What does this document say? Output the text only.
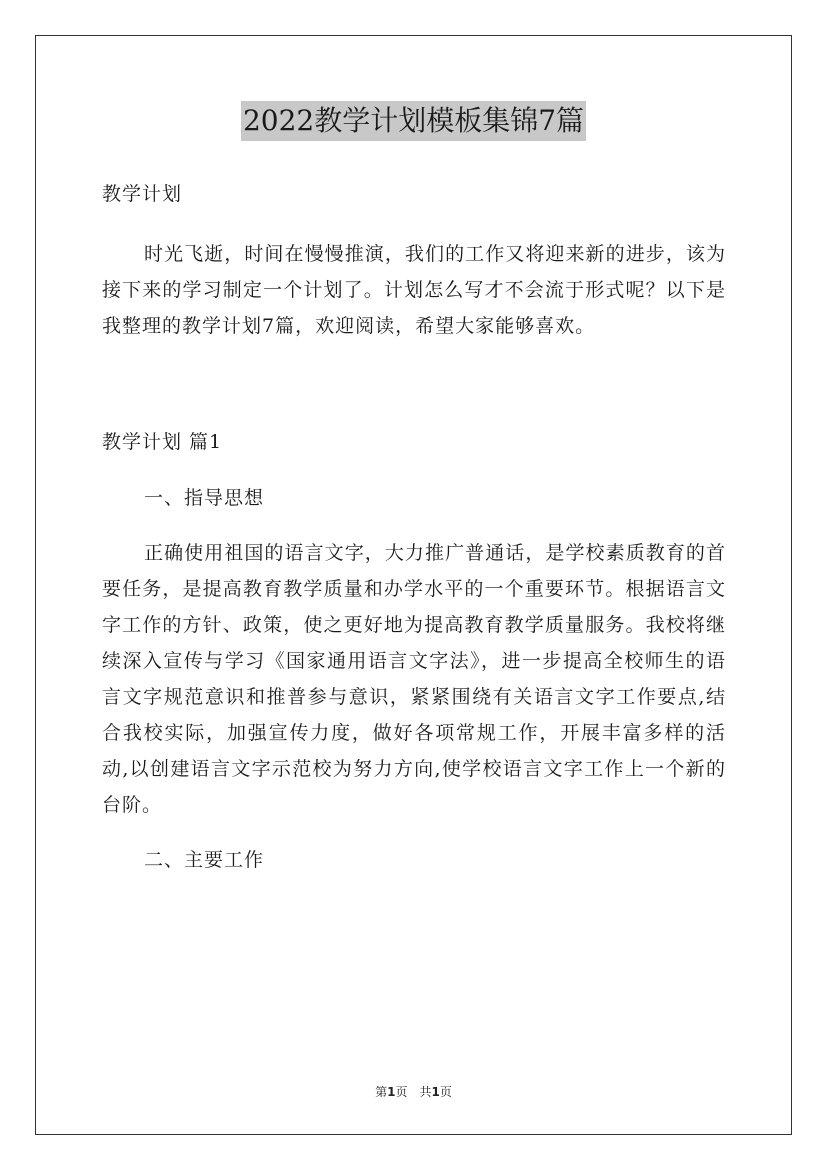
2022教学计划模板集锦7篇

教学计划

时光飞逝，时间在慢慢推演，我们的工作又将迎来新的进步，该为接下来的学习制定一个计划了。计划怎么写才不会流于形式呢？以下是我整理的教学计划7篇，欢迎阅读，希望大家能够喜欢。

教学计划 篇1

一、指导思想

正确使用祖国的语言文字，大力推广普通话，是学校素质教育的首要任务，是提高教育教学质量和办学水平的一个重要环节。根据语言文字工作的方针、政策，使之更好地为提高教育教学质量服务。我校将继续深入宣传与学习《国家通用语言文字法》，进一步提高全校师生的语言文字规范意识和推普参与意识，紧紧围绕有关语言文字工作要点,结合我校实际，加强宣传力度，做好各项常规工作，开展丰富多样的活动,以创建语言文字示范校为努力方向,使学校语言文字工作上一个新的台阶。

二、主要工作

第1页 共1页
